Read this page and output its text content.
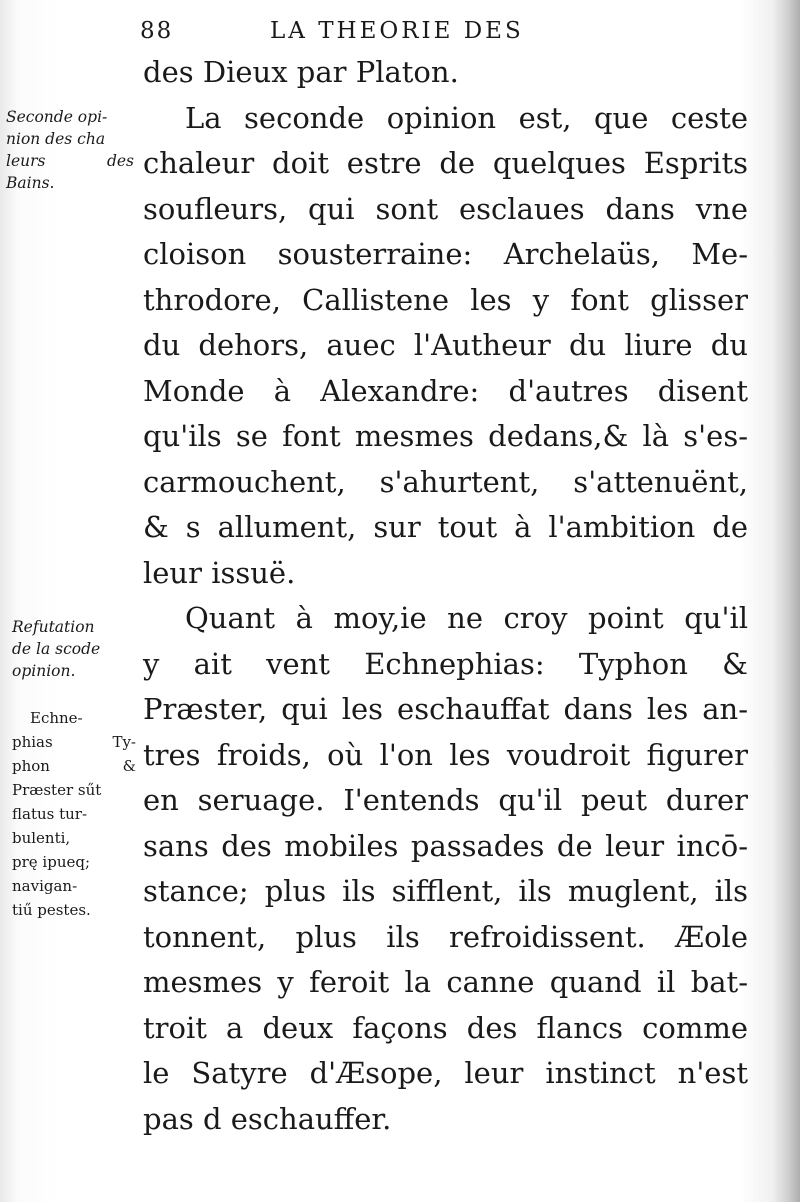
88	LA THEORIE DES
Seconde opi-
nion des cha
leurs des
Bains.
Refutation
de la scode
opinion.
Echne-
phias Ty-
phon &
Præster sűt
flatus tur-
bulenti,
prę ipueq;
navigan-
tiű pestes.
des Dieux par Platon.
La seconde opinion est, que ceste
chaleur doit estre de quelques Esprits
soufleurs, qui sont esclaues dans vne
cloison sousterraine: Archelaüs, Me-
throdore, Callistene les y font glisser
du dehors, auec l'Autheur du liure du
Monde à Alexandre: d'autres disent
qu'ils se font mesmes dedans,& là s'es-
carmouchent, s'ahurtent, s'attenuënt,
& s allument, sur tout à l'ambition de
leur issuë.
Quant à moy,ie ne croy point qu'il
y ait vent Echnephias: Typhon &
Præster, qui les eschauffat dans les an-
tres froids, où l'on les voudroit figurer
en seruage. I'entends qu'il peut durer
sans des mobiles passades de leur incō-
stance; plus ils sifflent, ils muglent, ils
tonnent, plus ils refroidissent. Æole
mesmes y feroit la canne quand il bat-
troit a deux façons des flancs comme
le Satyre d'Æsope, leur instinct n'est
pas d eschauffer.
